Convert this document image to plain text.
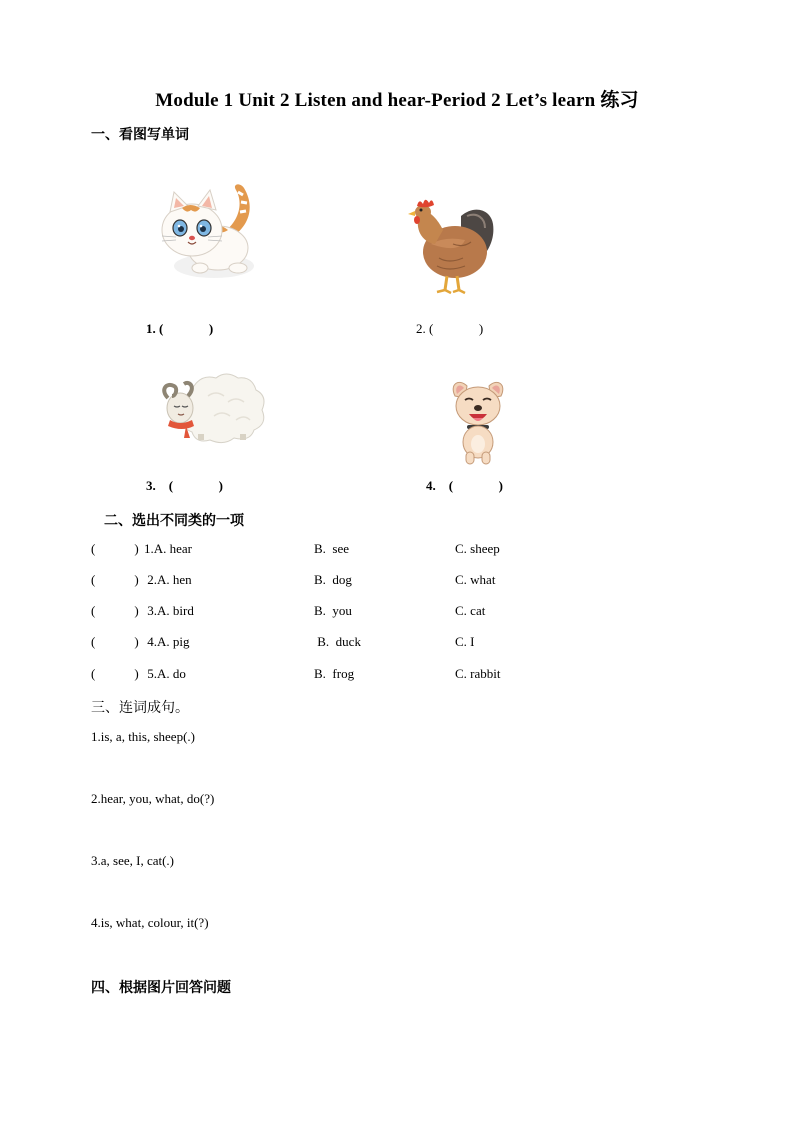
Module 1 Unit 2 Listen and hear-Period 2 Let’s learn 练习
一、看图写单词
1. (              )	2. (              )
3.    (              )	4.    (              )
二、选出不同类的一项
(            ) 1.A. hear	B.  see	C. sheep
(            ) 2.A. hen	B.  dog	C. what
(            ) 3.A. bird	B.  you	C. cat
(            ) 4.A. pig	B.  duck	C. I
(            ) 5.A. do	B.  frog	C. rabbit
三、连词成句。
1.is, a, this, sheep(.)
2.hear, you, what, do(?)
3.a, see, I, cat(.)
4.is, what, colour, it(?)
四、根据图片回答问题
